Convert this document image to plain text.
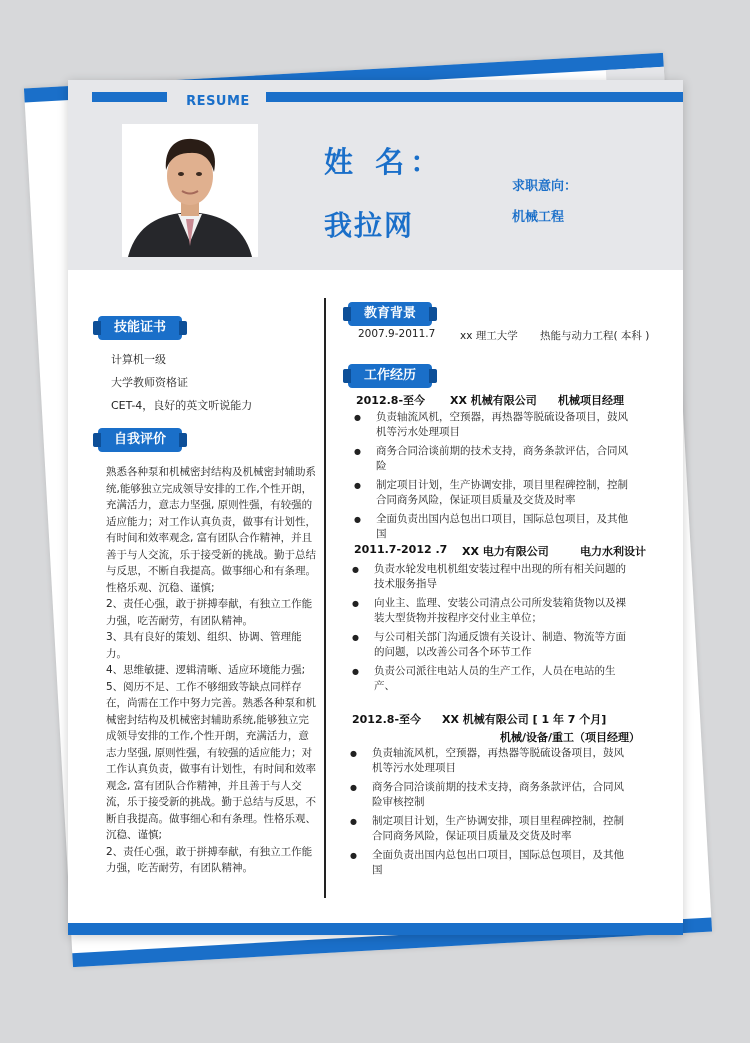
RESUME
姓 名：
我拉网
求职意向：
机械工程
技能证书
计算机一级
大学教师资格证
CET-4，良好的英文听说能力
自我评价

熟悉各种泵和机械密封结构及机械密封辅助系统,能够独立完成领导安排的工作,个性开朗，充满活力，意志力坚强, 原则性强，有较强的适应能力；对工作认真负责，做事有计划性，有时间和效率观念, 富有团队合作精神，并且善于与人交流，乐于接受新的挑战。勤于总结与反思，不断自我提高。做事细心和有条理。性格乐观、沉稳、谨慎;
2、责任心强，敢于拼搏奉献，有独立工作能力强，吃苦耐劳，有团队精神。
3、具有良好的策划、组织、协调、管理能力。
4、思维敏捷、逻辑清晰、适应环境能力强;
5、阅历不足、工作不够细致等缺点同样存在，尚需在工作中努力完善。熟悉各种泵和机械密封结构及机械密封辅助系统,能够独立完成领导安排的工作,个性开朗，充满活力，意志力坚强, 原则性强，有较强的适应能力；对工作认真负责，做事有计划性，有时间和效率观念, 富有团队合作精神，并且善于与人交流，乐于接受新的挑战。勤于总结与反思，不断自我提高。做事细心和有条理。性格乐观、沉稳、谨慎;
2、责任心强，敢于拼搏奉献，有独立工作能力强，吃苦耐劳，有团队精神。

教育背景
2007.9-2011.7 xx 理工大学 热能与动力工程( 本科 )
工作经历
2012.8-至今 XX 机械有限公司 机械项目经理
● 负责轴流风机，空预器，再热器等脱硫设备项目，鼓风机等污水处理项目
● 商务合同洽谈前期的技术支持，商务条款评估，合同风险
● 制定项目计划，生产协调安排，项目里程碑控制，控制合同商务风险，保证项目质量及交货及时率
● 全面负责出国内总包出口项目，国际总包项目，及其他国
2011.7-2012 .7 XX 电力有限公司	电力水利设计
● 负责水轮发电机机组安装过程中出现的所有相关问题的技术服务指导
● 向业主、监理、安装公司清点公司所发装箱货物以及裸装大型货物并按程序交付业主单位；
● 与公司相关部门沟通反馈有关设计、制造、物流等方面的问题，以改善公司各个环节工作
● 负责公司派往电站人员的生产工作，人员在电站的生产、
2012.8-至今 XX 机械有限公司 [ 1 年 7 个月]
机械/设备/重工（项目经理）
● 负责轴流风机，空预器，再热器等脱硫设备项目，鼓风机等污水处理项目
● 商务合同洽谈前期的技术支持，商务条款评估，合同风险审核控制
● 制定项目计划，生产协调安排，项目里程碑控制，控制合同商务风险，保证项目质量及交货及时率
● 全面负责出国内总包出口项目，国际总包项目，及其他国
